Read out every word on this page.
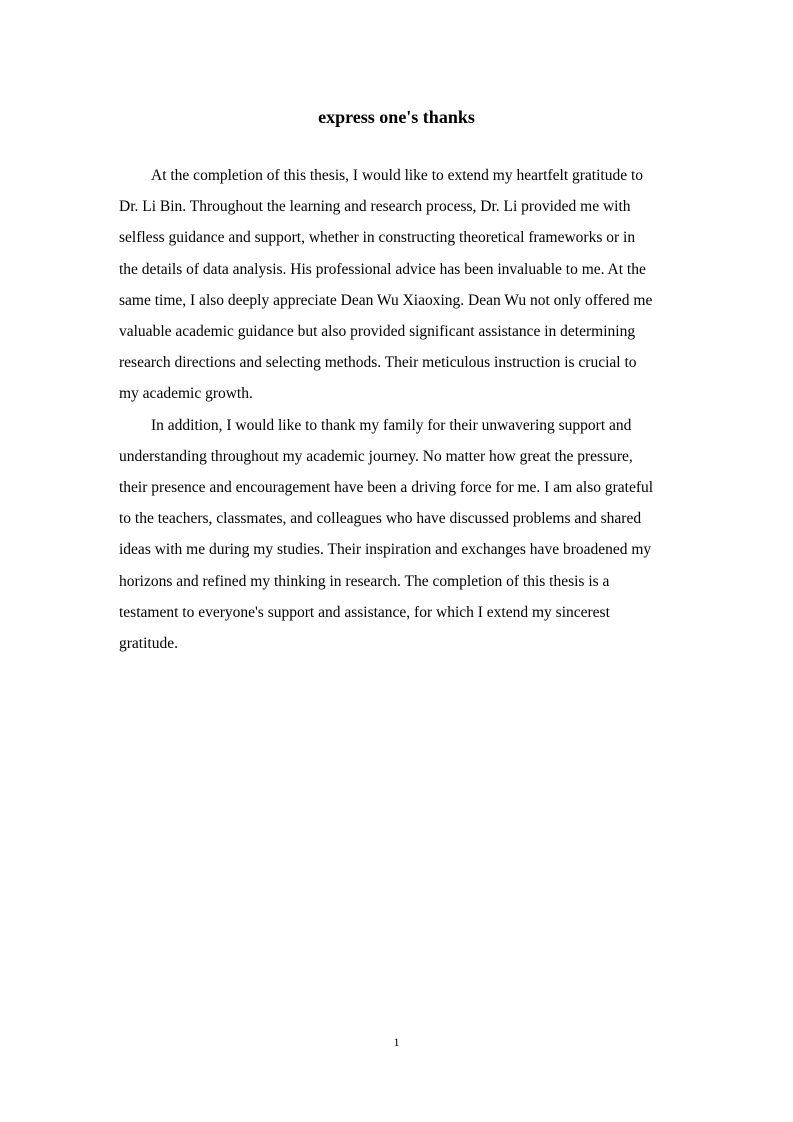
express one's thanks

At the completion of this thesis, I would like to extend my heartfelt gratitude to
Dr. Li Bin. Throughout the learning and research process, Dr. Li provided me with
selfless guidance and support, whether in constructing theoretical frameworks or in
the details of data analysis. His professional advice has been invaluable to me. At the
same time, I also deeply appreciate Dean Wu Xiaoxing. Dean Wu not only offered me
valuable academic guidance but also provided significant assistance in determining
research directions and selecting methods. Their meticulous instruction is crucial to
my academic growth.

In addition, I would like to thank my family for their unwavering support and
understanding throughout my academic journey. No matter how great the pressure,
their presence and encouragement have been a driving force for me. I am also grateful
to the teachers, classmates, and colleagues who have discussed problems and shared
ideas with me during my studies. Their inspiration and exchanges have broadened my
horizons and refined my thinking in research. The completion of this thesis is a
testament to everyone's support and assistance, for which I extend my sincerest
gratitude.

1
